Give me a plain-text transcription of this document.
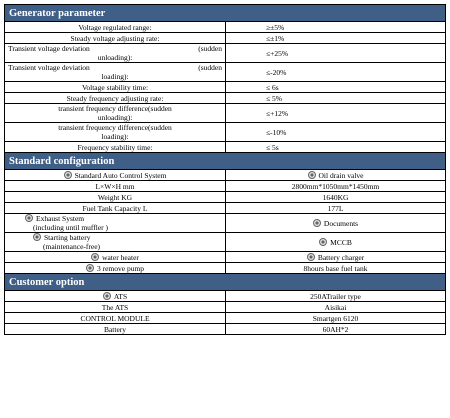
Generator parameter	
Voltage regulated range:	≥±5%
Steady voltage adjusting rate:	≤±1%

Transient voltage deviation (sudden
unloading):	≤+25%

Transient voltage deviation (sudden
loading):	≤-20%
Voltage stability time:	≤ 6s
Steady frequency adjusting rate:	≤ 5%

transient frequency difference(sudden
unloading):	≤+12%

transient frequency difference(sudden
loading):	≤-10%
Frequency stability time:	≤ 5s
Standard configuration	
Standard Auto Control System	Oil drain valve
L×W×H mm	2800mm*1050mm*1450mm
Weight KG	1640KG
Fuel Tank Capacity L	177L

Exhaust System
(including until muffler )	Documents

Starting battery
(maintenance-free)	MCCB
water heater	Battery charger
3 remove pump	8hours base fuel tank
Customer option	
ATS	250ATrailer type
The ATS	Aisikai
CONTROL MODULE	Smartgen 6120
Battery	60AH*2
